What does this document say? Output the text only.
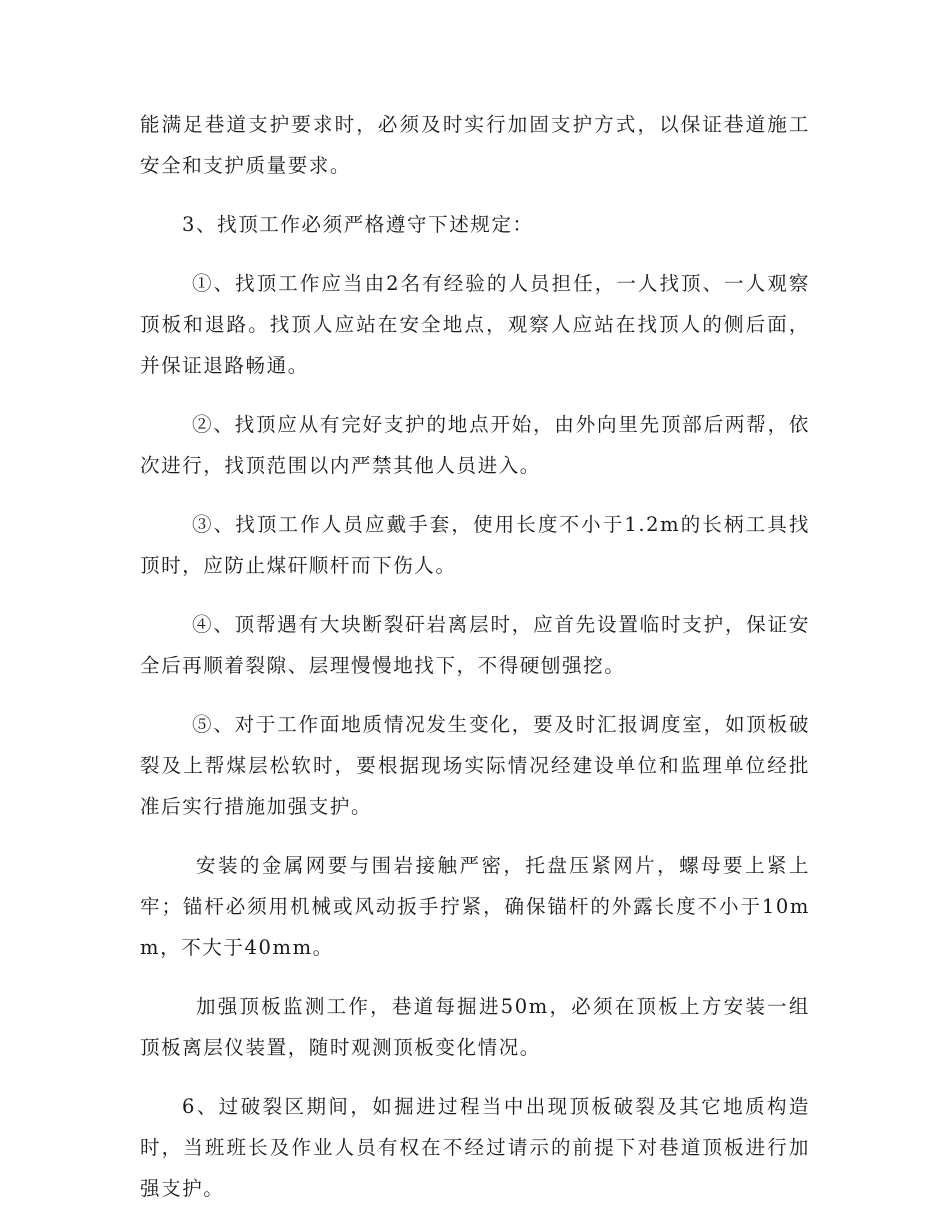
能满足巷道支护要求时，必须及时实行加固支护方式，以保证巷道施工安全和支护质量要求。

3、找顶工作必须严格遵守下述规定：

①、找顶工作应当由2名有经验的人员担任，一人找顶、一人观察顶板和退路。找顶人应站在安全地点，观察人应站在找顶人的侧后面，并保证退路畅通。

②、找顶应从有完好支护的地点开始，由外向里先顶部后两帮，依次进行，找顶范围以内严禁其他人员进入。

③、找顶工作人员应戴手套，使用长度不小于1.2m的长柄工具找顶时，应防止煤矸顺杆而下伤人。

④、顶帮遇有大块断裂矸岩离层时，应首先设置临时支护，保证安全后再顺着裂隙、层理慢慢地找下，不得硬刨强挖。

⑤、对于工作面地质情况发生变化，要及时汇报调度室，如顶板破裂及上帮煤层松软时，要根据现场实际情况经建设单位和监理单位经批准后实行措施加强支护。

安装的金属网要与围岩接触严密，托盘压紧网片，螺母要上紧上牢；锚杆必须用机械或风动扳手拧紧，确保锚杆的外露长度不小于10mm，不大于40mm。

加强顶板监测工作，巷道每掘进50m，必须在顶板上方安装一组顶板离层仪装置，随时观测顶板变化情况。

6、过破裂区期间，如掘进过程当中出现顶板破裂及其它地质构造时，当班班长及作业人员有权在不经过请示的前提下对巷道顶板进行加强支护。
